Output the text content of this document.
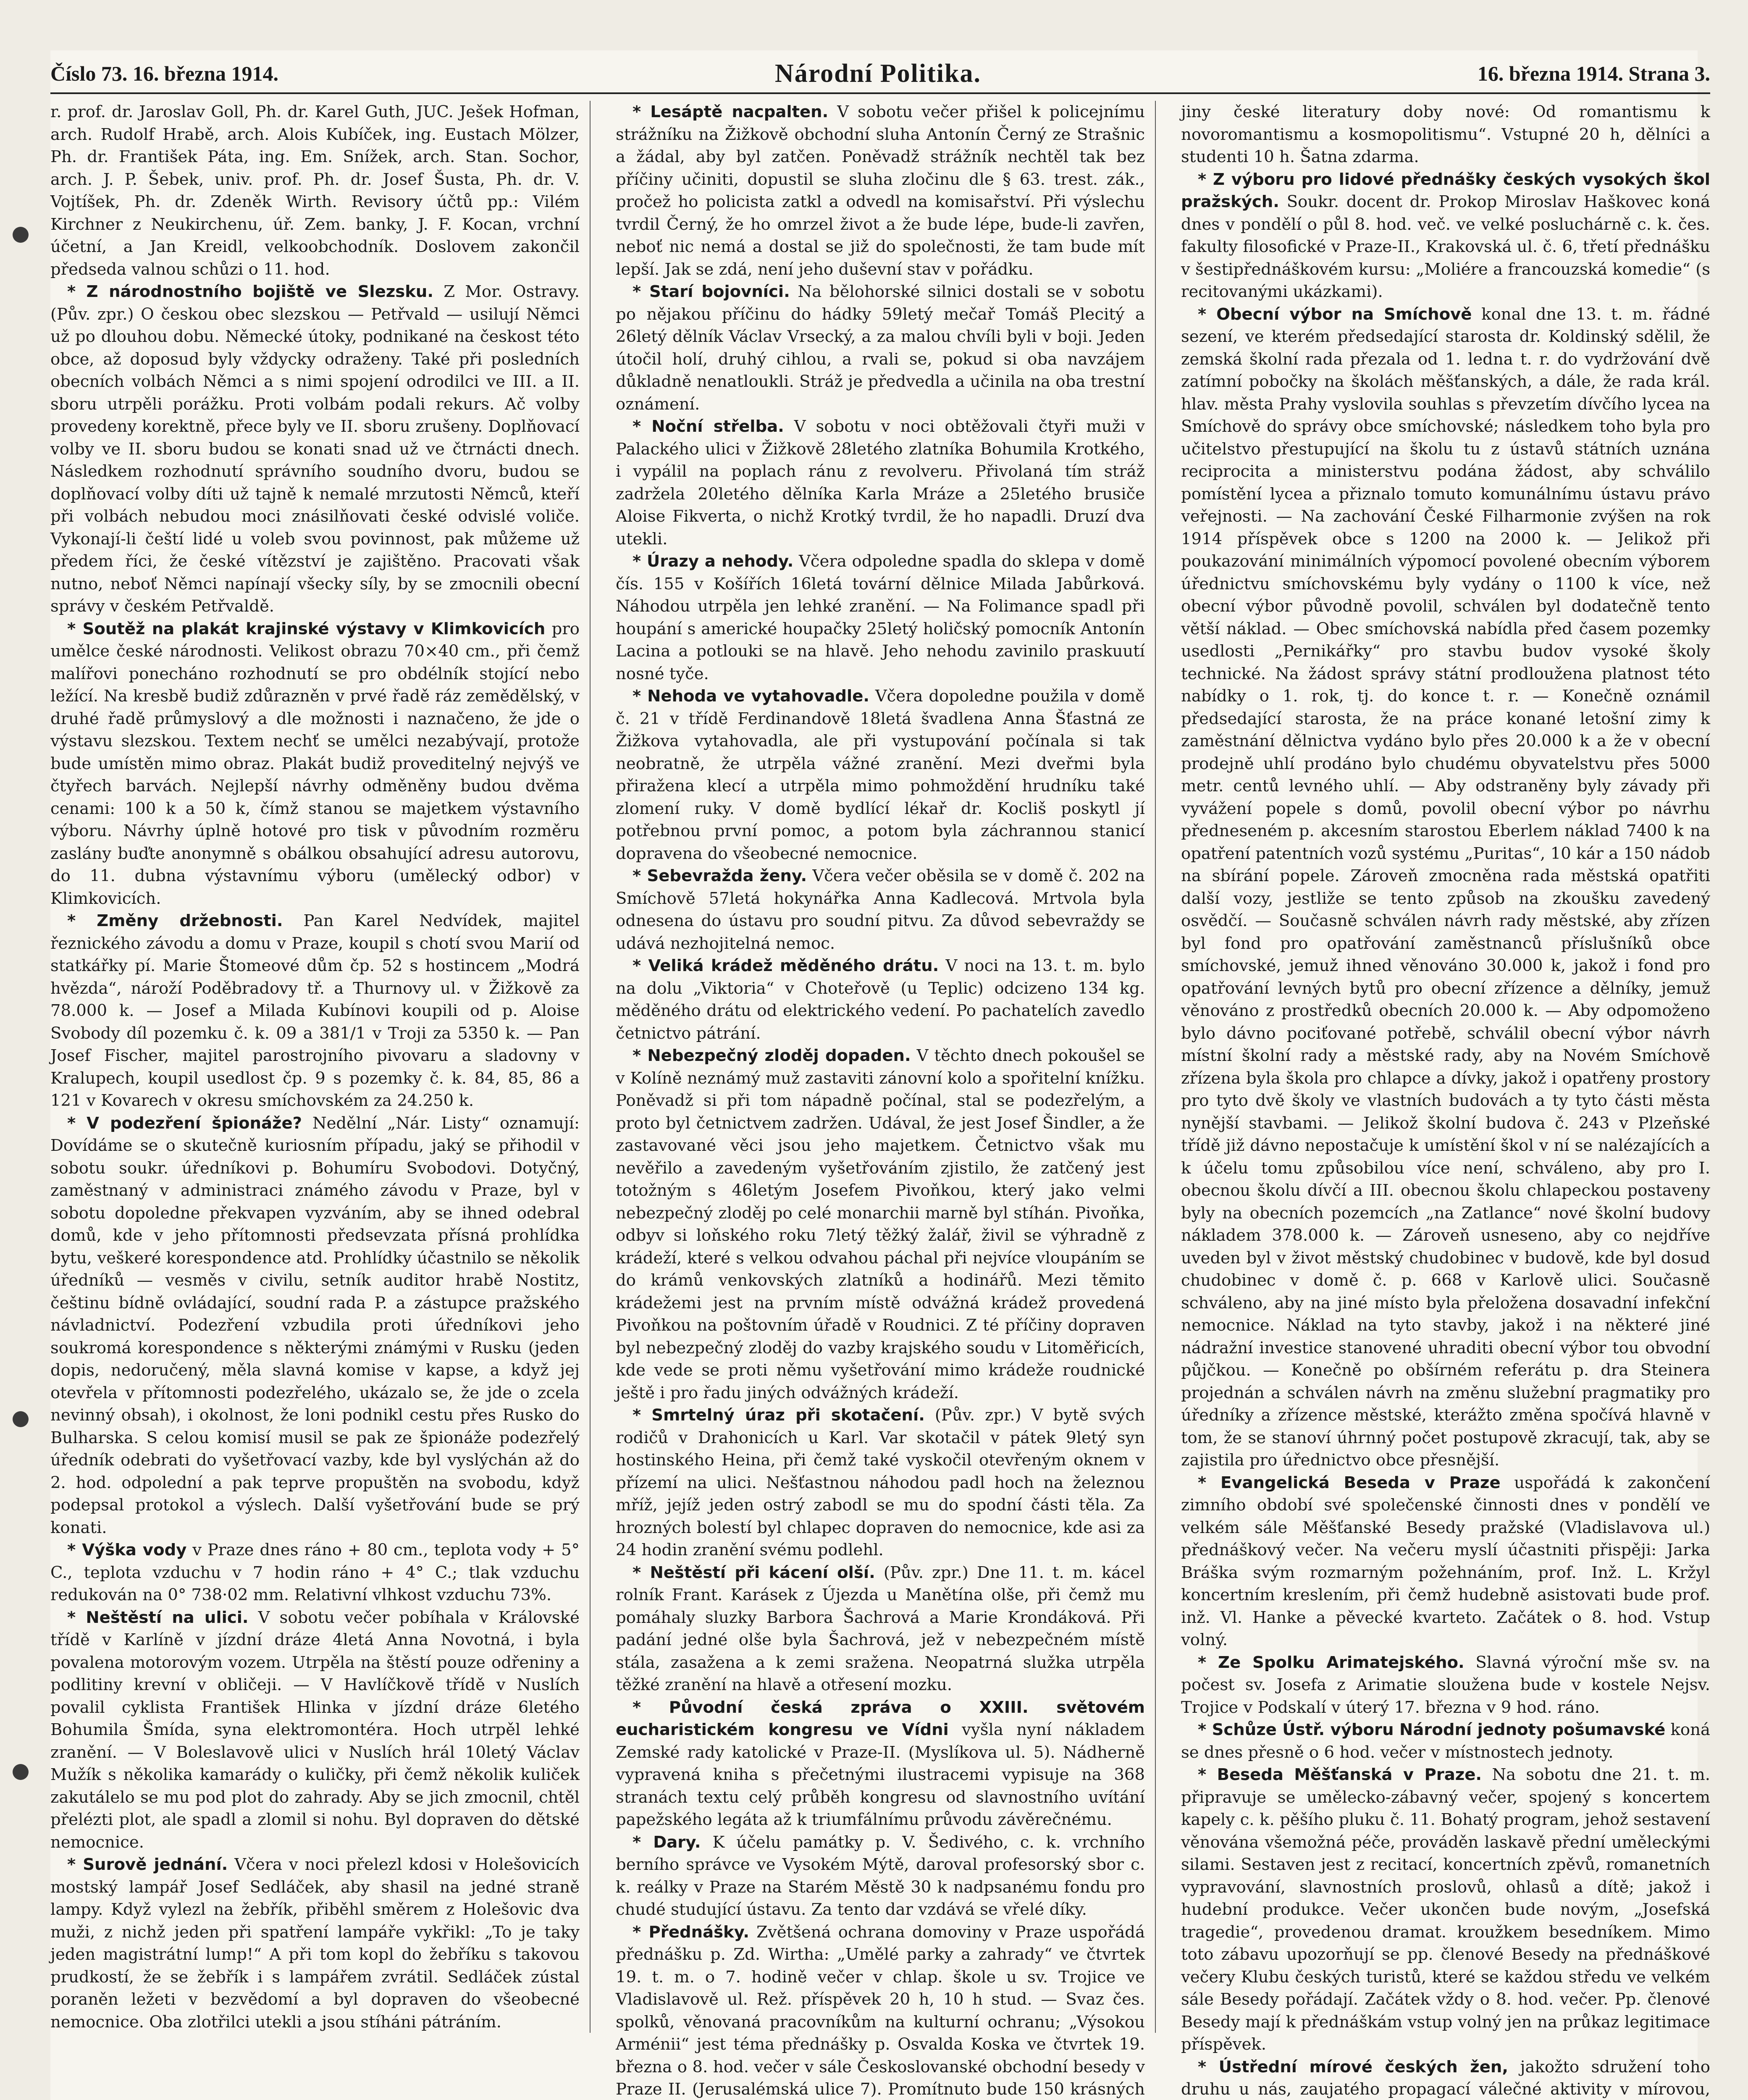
Číslo 73. 16. března 1914.	Národní Politika.	16. března 1914. Strana 3.

r. prof. dr. Jaroslav Goll, Ph. dr. Karel Guth, JUC. Ješek Hofman, arch. Rudolf Hrabě, arch. Alois Kubíček, ing. Eustach Mölzer, Ph. dr. František Páta, ing. Em. Snížek, arch. Stan. Sochor, arch. J. P. Šebek, univ. prof. Ph. dr. Josef Šusta, Ph. dr. V. Vojtíšek, Ph. dr. Zdeněk Wirth. Revisory účtů pp.: Vilém Kirchner z Neukirchenu, úř. Zem. banky, J. F. Kocan, vrchní účetní, a Jan Kreidl, velkoobchodník. Doslovem zakončil předseda valnou schůzi o 11. hod.

* Z národnostního bojiště ve Slezsku. Z Mor. Ostravy. (Pův. zpr.) O českou obec slezskou — Petřvald — usilují Němci už po dlouhou dobu. Německé útoky, podnikané na českost této obce, až doposud byly vždycky odraženy. Také při posledních obecních volbách Němci a s nimi spojení odrodilci ve III. a II. sboru utrpěli porážku. Proti volbám podali rekurs. Ač volby provedeny korektně, přece byly ve II. sboru zrušeny. Doplňovací volby ve II. sboru budou se konati snad už ve čtrnácti dnech. Následkem rozhodnutí správního soudního dvoru, budou se doplňovací volby díti už tajně k nemalé mrzutosti Němců, kteří při volbách nebudou moci znásilňovati české odvislé voliče. Vykonají-li čeští lidé u voleb svou povinnost, pak můžeme už předem říci, že české vítězství je zajištěno. Pracovati však nutno, neboť Němci napínají všecky síly, by se zmocnili obecní správy v českém Petřvaldě.

* Soutěž na plakát krajinské výstavy v Klimkovicích pro umělce české národnosti. Velikost obrazu 70×40 cm., při čemž malířovi ponecháno rozhodnutí se pro obdélník stojící nebo ležící. Na kresbě budiž zdůrazněn v prvé řadě ráz zemědělský, v druhé řadě průmyslový a dle možnosti i naznačeno, že jde o výstavu slezskou. Textem nechť se umělci nezabývají, protože bude umístěn mimo obraz. Plakát budiž proveditelný nejvýš ve čtyřech barvách. Nejlepší návrhy odměněny budou dvěma cenami: 100 k a 50 k, čímž stanou se majetkem výstavního výboru. Návrhy úplně hotové pro tisk v původním rozměru zaslány buďte anonymně s obálkou obsahující adresu autorovu, do 11. dubna výstavnímu výboru (umělecký odbor) v Klimkovicích.

* Změny držebnosti. Pan Karel Nedvídek, majitel řeznického závodu a domu v Praze, koupil s chotí svou Marií od statkářky pí. Marie Štomeové dům čp. 52 s hostincem „Modrá hvězda“, nároží Poděbradovy tř. a Thurnovy ul. v Žižkově za 78.000 k. — Josef a Milada Kubínovi koupili od p. Aloise Svobody díl pozemku č. k. 09 a 381/1 v Troji za 5350 k. — Pan Josef Fischer, majitel parostrojního pivovaru a sladovny v Kralupech, koupil usedlost čp. 9 s pozemky č. k. 84, 85, 86 a 121 v Kovarech v okresu smíchovském za 24.250 k.

* V podezření špionáže? Nedělní „Nár. Listy“ oznamují: Dovídáme se o skutečně kuriosním případu, jaký se přihodil v sobotu soukr. úředníkovi p. Bohumíru Svobodovi. Dotyčný, zaměstnaný v administraci známého závodu v Praze, byl v sobotu dopoledne překvapen vyzváním, aby se ihned odebral domů, kde v jeho přítomnosti předsevzata přísná prohlídka bytu, veškeré korespondence atd. Prohlídky účastnilo se několik úředníků — vesměs v civilu, setník auditor hrabě Nostitz, češtinu bídně ovládající, soudní rada P. a zástupce pražského návladnictví. Podezření vzbudila proti úředníkovi jeho soukromá korespondence s některými známými v Rusku (jeden dopis, nedoručený, měla slavná komise v kapse, a když jej otevřela v přítomnosti podezřelého, ukázalo se, že jde o zcela nevinný obsah), i okolnost, že loni podnikl cestu přes Rusko do Bulharska. S celou komisí musil se pak ze špionáže podezřelý úředník odebrati do vyšetřovací vazby, kde byl vyslýchán až do 2. hod. odpolední a pak teprve propuštěn na svobodu, když podepsal protokol a výslech. Další vyšetřování bude se prý konati.

* Výška vody v Praze dnes ráno + 80 cm., teplota vody + 5° C., teplota vzduchu v 7 hodin ráno + 4° C.; tlak vzduchu redukován na 0° 738·02 mm. Relativní vlhkost vzduchu 73%.

* Neštěstí na ulici. V sobotu večer pobíhala v Královské třídě v Karlíně v jízdní dráze 4letá Anna Novotná, i byla povalena motorovým vozem. Utrpěla na štěstí pouze odřeniny a podlitiny krevní v obličeji. — V Havlíčkově třídě v Nuslích povalil cyklista František Hlinka v jízdní dráze 6letého Bohumila Šmída, syna elektromontéra. Hoch utrpěl lehké zranění. — V Boleslavově ulici v Nuslích hrál 10letý Václav Mužík s několika kamarády o kuličky, při čemž několik kuliček zakutálelo se mu pod plot do zahrady. Aby se jich zmocnil, chtěl přelézti plot, ale spadl a zlomil si nohu. Byl dopraven do dětské nemocnice.

* Surově jednání. Včera v noci přelezl kdosi v Holešovicích mostský lampář Josef Sedláček, aby shasil na jedné straně lampy. Když vylezl na žebřík, přiběhl směrem z Holešovic dva muži, z nichž jeden při spatření lampáře vykřikl: „To je taky jeden magistrátní lump!“ A při tom kopl do žebříku s takovou prudkostí, že se žebřík i s lampářem zvrátil. Sedláček zústal poraněn ležeti v bezvědomí a byl dopraven do všeobecné nemocnice. Oba zlotřilci utekli a jsou stíháni pátráním.

* Lesáptě nacpalten. V sobotu večer přišel k policejnímu strážníku na Žižkově obchodní sluha Antonín Černý ze Strašnic a žádal, aby byl zatčen. Poněvadž strážník nechtěl tak bez příčiny učiniti, dopustil se sluha zločinu dle § 63. trest. zák., pročež ho policista zatkl a odvedl na komisařství. Při výslechu tvrdil Černý, že ho omrzel život a že bude lépe, bude-li zavřen, neboť nic nemá a dostal se již do společnosti, že tam bude mít lepší. Jak se zdá, není jeho duševní stav v pořádku.

* Starí bojovníci. Na bělohorské silnici dostali se v sobotu po nějakou příčinu do hádky 59letý mečař Tomáš Plecitý a 26letý dělník Václav Vrsecký, a za malou chvíli byli v boji. Jeden útočil holí, druhý cihlou, a rvali se, pokud si oba navzájem důkladně nenatloukli. Stráž je předvedla a učinila na oba trestní oznámení.

* Noční střelba. V sobotu v noci obtěžovali čtyři muži v Palackého ulici v Žižkově 28letého zlatníka Bohumila Krotkého, i vypálil na poplach ránu z revolveru. Přivolaná tím stráž zadržela 20letého dělníka Karla Mráze a 25letého brusiče Aloise Fikverta, o nichž Krotký tvrdil, že ho napadli. Druzí dva utekli.

* Úrazy a nehody. Včera odpoledne spadla do sklepa v domě čís. 155 v Košířích 16letá tovární dělnice Milada Jabůrková. Náhodou utrpěla jen lehké zranění. — Na Folimance spadl při houpání s americké houpačky 25letý holičský pomocník Antonín Lacina a potlouki se na hlavě. Jeho nehodu zavinilo praskuutí nosné tyče.

* Nehoda ve vytahovadle. Včera dopoledne použila v domě č. 21 v třídě Ferdinandově 18letá švadlena Anna Šťastná ze Žižkova vytahovadla, ale při vystupování počínala si tak neobratně, že utrpěla vážné zranění. Mezi dveřmi byla přiražena klecí a utrpěla mimo pohmoždění hrudníku také zlomení ruky. V domě bydlící lékař dr. Kocliš poskytl jí potřebnou první pomoc, a potom byla záchrannou stanicí dopravena do všeobecné nemocnice.

* Sebevražda ženy. Včera večer oběsila se v domě č. 202 na Smíchově 57letá hokynářka Anna Kadlecová. Mrtvola byla odnesena do ústavu pro soudní pitvu. Za důvod sebevraždy se udává nezhojitelná nemoc.

* Veliká krádež měděného drátu. V noci na 13. t. m. bylo na dolu „Viktoria“ v Choteřově (u Teplic) odcizeno 134 kg. měděného drátu od elektrického vedení. Po pachatelích zavedlo četnictvo pátrání.

* Nebezpečný zloděj dopaden. V těchto dnech pokoušel se v Kolíně neznámý muž zastaviti zánovní kolo a spořitelní knížku. Poněvadž si při tom nápadně počínal, stal se podezřelým, a proto byl četnictvem zadržen. Udával, že jest Josef Šindler, a že zastavované věci jsou jeho majetkem. Četnictvo však mu nevěřilo a zavedeným vyšetřováním zjistilo, že zatčený jest totožným s 46letým Josefem Pivoňkou, který jako velmi nebezpečný zloděj po celé monarchii marně byl stíhán. Pivoňka, odbyv si loňského roku 7letý těžký žalář, živil se výhradně z krádeží, které s velkou odvahou páchal při nejvíce vloupáním se do krámů venkovských zlatníků a hodinářů. Mezi těmito krádežemi jest na prvním místě odvážná krádež provedená Pivoňkou na poštovním úřadě v Roudnici. Z té příčiny dopraven byl nebezpečný zloděj do vazby krajského soudu v Litoměřicích, kde vede se proti němu vyšetřování mimo krádeže roudnické ještě i pro řadu jiných odvážných krádeží.

* Smrtelný úraz při skotačení. (Pův. zpr.) V bytě svých rodičů v Drahonicích u Karl. Var skotačil v pátek 9letý syn hostinského Heina, při čemž také vyskočil otevřeným oknem v přízemí na ulici. Nešťastnou náhodou padl hoch na železnou mříž, jejíž jeden ostrý zabodl se mu do spodní části těla. Za hrozných bolestí byl chlapec dopraven do nemocnice, kde asi za 24 hodin zranění svému podlehl.

* Neštěstí při kácení olší. (Pův. zpr.) Dne 11. t. m. kácel rolník Frant. Karásek z Újezda u Manětína olše, při čemž mu pomáhaly sluzky Barbora Šachrová a Marie Krondáková. Při padání jedné olše byla Šachrová, jež v nebezpečném místě stála, zasažena a k zemi sražena. Neopatrná služka utrpěla těžké zranění na hlavě a otřesení mozku.

* Původní česká zpráva o XXIII. světovém eucharistickém kongresu ve Vídni vyšla nyní nákladem Zemské rady katolické v Praze-II. (Myslíkova ul. 5). Nádherně vypravená kniha s přečetnými ilustracemi vypisuje na 368 stranách textu celý průběh kongresu od slavnostního uvítání papežského legáta až k triumfálnímu průvodu závěrečnému.

* Dary. K účelu památky p. V. Šedivého, c. k. vrchního berního správce ve Vysokém Mýtě, daroval profesorský sbor c. k. reálky v Praze na Starém Městě 30 k nadpsanému fondu pro chudé studující ústavu. Za tento dar vzdává se vřelé díky.

* Přednášky. Zvětšená ochrana domoviny v Praze uspořádá přednášku p. Zd. Wirtha: „Umělé parky a zahrady“ ve čtvrtek 19. t. m. o 7. hodině večer v chlap. škole u sv. Trojice ve Vladislavově ul. Rež. příspěvek 20 h, 10 h stud. — Svaz čes. spolků, věnovaná pracovníkům na kulturní ochranu; „Výsokou Arménii“ jest téma přednášky p. Osvalda Koska ve čtvrtek 19. března o 8. hod. večer v sále Českoslovanské obchodní besedy v Praze II. (Jerusalémská ulice 7). Promítnuto bude 150 krásných

jiny české literatury doby nové: Od romantismu k novoromantismu a kosmopolitismu“. Vstupné 20 h, dělníci a studenti 10 h. Šatna zdarma.

* Z výboru pro lidové přednášky českých vysokých škol pražských. Soukr. docent dr. Prokop Miroslav Haškovec koná dnes v pondělí o půl 8. hod. več. ve velké posluchárně c. k. čes. fakulty filosofické v Praze-II., Krakovská ul. č. 6, třetí přednášku v šestipřednáškovém kursu: „Moliére a francouzská komedie“ (s recitovanými ukázkami).

* Obecní výbor na Smíchově konal dne 13. t. m. řádné sezení, ve kterém předsedající starosta dr. Koldinský sdělil, že zemská školní rada přezala od 1. ledna t. r. do vydržování dvě zatímní pobočky na školách měšťanských, a dále, že rada král. hlav. města Prahy vyslovila souhlas s převzetím dívčího lycea na Smíchově do správy obce smíchovské; následkem toho byla pro učitelstvo přestupující na školu tu z ústavů státních uznána reciprocita a ministerstvu podána žádost, aby schválilo pomístění lycea a přiznalo tomuto komunálnímu ústavu právo veřejnosti. — Na zachování České Filharmonie zvýšen na rok 1914 příspěvek obce s 1200 na 2000 k. — Jelikož při poukazování minimálních výpomocí povolené obecním výborem úřednictvu smíchovskému byly vydány o 1100 k více, než obecní výbor původně povolil, schválen byl dodatečně tento větší náklad. — Obec smíchovská nabídla před časem pozemky usedlosti „Pernikářky“ pro stavbu budov vysoké školy technické. Na žádost správy státní prodloužena platnost této nabídky o 1. rok, tj. do konce t. r. — Konečně oznámil předsedající starosta, že na práce konané letošní zimy k zaměstnání dělnictva vydáno bylo přes 20.000 k a že v obecní prodejně uhlí prodáno bylo chudému obyvatelstvu přes 5000 metr. centů levného uhlí. — Aby odstraněny byly závady při vyvážení popele s domů, povolil obecní výbor po návrhu předneseném p. akcesním starostou Eberlem náklad 7400 k na opatření patentních vozů systému „Puritas“, 10 kár a 150 nádob na sbírání popele. Zároveň zmocněna rada městská opatřiti další vozy, jestliže se tento způsob na zkoušku zavedený osvědčí. — Současně schválen návrh rady městské, aby zřízen byl fond pro opatřování zaměstnanců příslušníků obce smíchovské, jemuž ihned věnováno 30.000 k, jakož i fond pro opatřování levných bytů pro obecní zřízence a dělníky, jemuž věnováno z prostředků obecních 20.000 k. — Aby odpomoženo bylo dávno pociťované potřebě, schválil obecní výbor návrh místní školní rady a městské rady, aby na Novém Smíchově zřízena byla škola pro chlapce a dívky, jakož i opatřeny prostory pro tyto dvě školy ve vlastních budovách a ty tyto části města nynější stavbami. — Jelikož školní budova č. 243 v Plzeňské třídě již dávno nepostačuje k umístění škol v ní se nalézajících a k účelu tomu způsobilou více není, schváleno, aby pro I. obecnou školu dívčí a III. obecnou školu chlapeckou postaveny byly na obecních pozemcích „na Zatlance“ nové školní budovy nákladem 378.000 k. — Zároveň usneseno, aby co nejdříve uveden byl v život městský chudobinec v budově, kde byl dosud chudobinec v domě č. p. 668 v Karlově ulici. Současně schváleno, aby na jiné místo byla přeložena dosavadní infekční nemocnice. Náklad na tyto stavby, jakož i na některé jiné nádražní investice stanovené uhraditi obecní výbor tou obvodní půjčkou. — Konečně po obšírném referátu p. dra Steinera projednán a schválen návrh na změnu služební pragmatiky pro úředníky a zřízence městské, kterážto změna spočívá hlavně v tom, že se stanoví úhrnný počet postupově zkracují, tak, aby se zajistila pro úřednictvo obce přesnější.

* Evangelická Beseda v Praze uspořádá k zakončení zimního období své společenské činnosti dnes v pondělí ve velkém sále Měšťanské Besedy pražské (Vladislavova ul.) přednáškový večer. Na večeru myslí účastniti přispěji: Jarka Bráška svým rozmarným požehnáním, prof. Inž. L. Kržyl koncertním kreslením, při čemž hudebně asistovati bude prof. inž. Vl. Hanke a pěvecké kvarteto. Začátek o 8. hod. Vstup volný.

* Ze Spolku Arimatejského. Slavná výroční mše sv. na počest sv. Josefa z Arimatie sloužena bude v kostele Nejsv. Trojice v Podskalí v úterý 17. března v 9 hod. ráno.

* Schůze Ústř. výboru Národní jednoty pošumavské koná se dnes přesně o 6 hod. večer v místnostech jednoty.

* Beseda Měšťanská v Praze. Na sobotu dne 21. t. m. připravuje se umělecko-zábavný večer, spojený s koncertem kapely c. k. pěšího pluku č. 11. Bohatý program, jehož sestavení věnována všemožná péče, prováděn laskavě přední uměleckými silami. Sestaven jest z recitací, koncertních zpěvů, romanetních vypravování, slavnostních proslovů, ohlasů a dítě; jakož i hudební produkce. Večer ukončen bude novým, „Josefská tragedie“, provedenou dramat. kroužkem besedníkem. Mimo toto zábavu upozorňují se pp. členové Besedy na přednáškové večery Klubu českých turistů, které se každou středu ve velkém sále Besedy pořádají. Začátek vždy o 8. hod. večer. Pp. členové Besedy mají k přednáškám vstup volný jen na průkaz legitimace příspěvek.

* Ústřední mírové českých žen, jakožto sdružení toho druhu u nás, zaujatého propagací válečné aktivity v mírovou,
